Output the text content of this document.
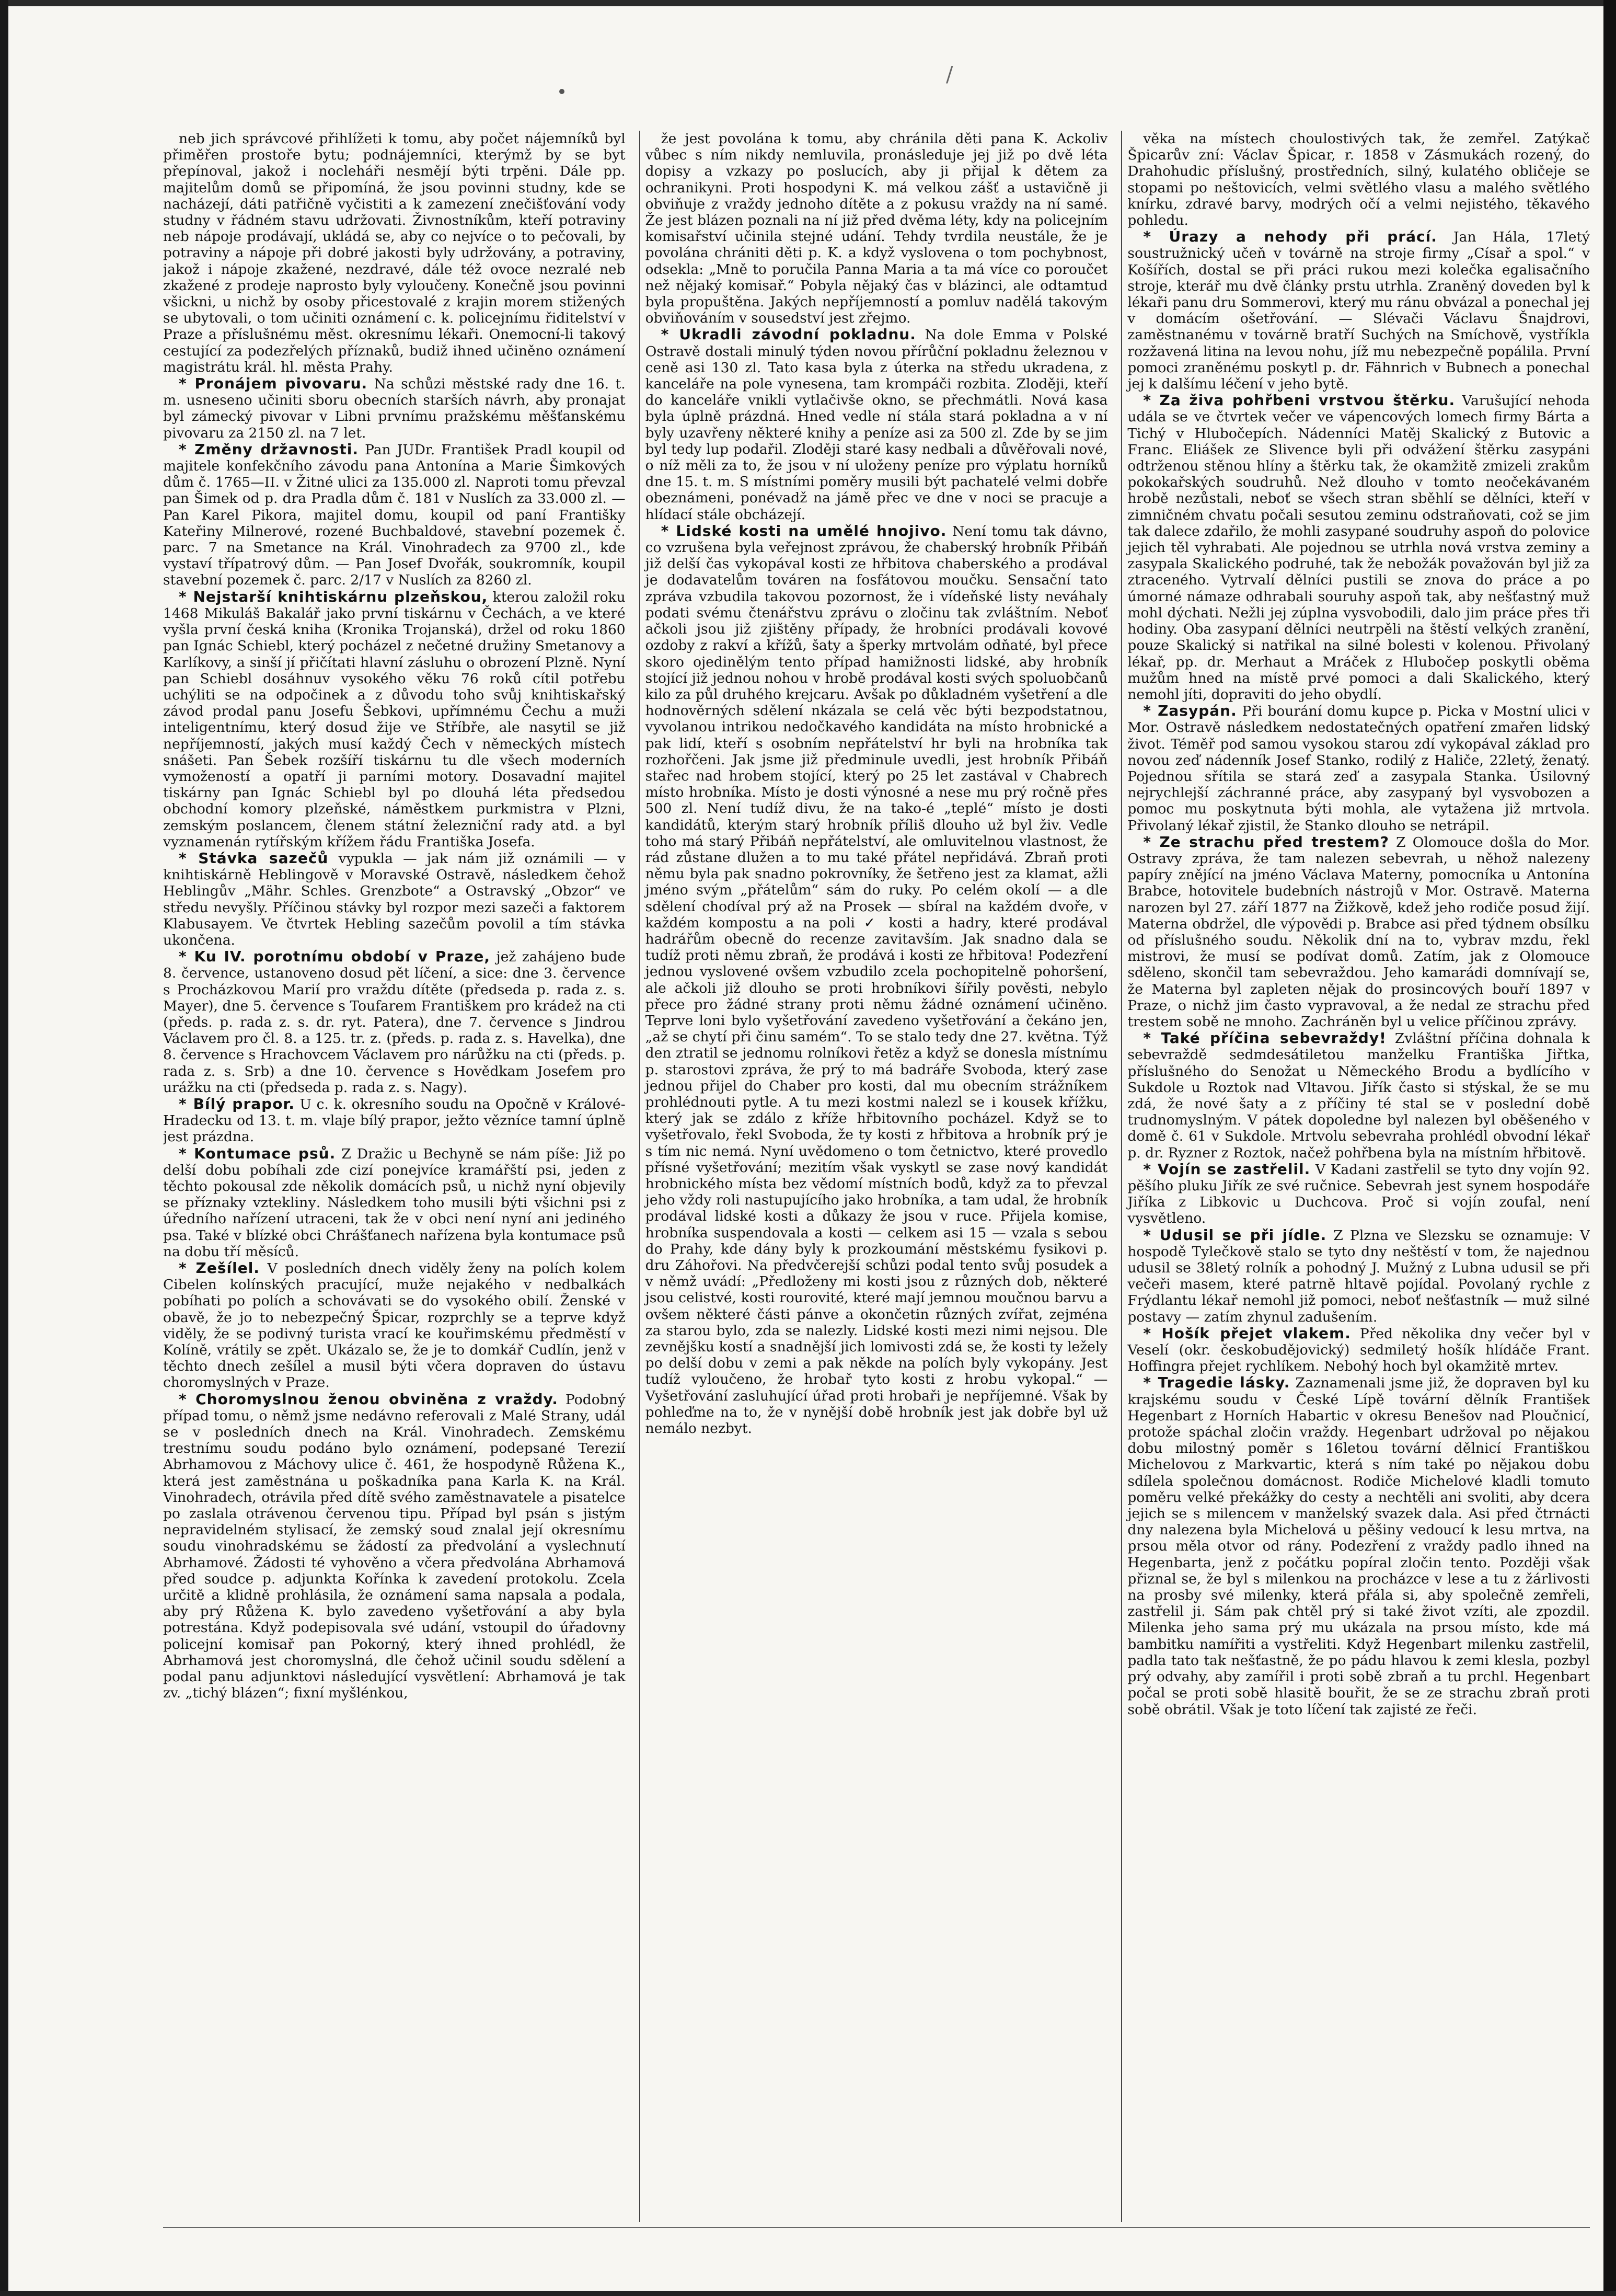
/

neb jich správcové přihlížeti k tomu, aby počet nájemníků byl přiměřen prostoře bytu; podnájemníci, kterýmž by se byt přepínoval, jakož i nocleháři nesmějí býti trpěni. Dále pp. majitelům domů se připomíná, že jsou povinni studny, kde se nacházejí, dáti patřičně vyčistiti a k zamezení znečišťování vody studny v řádném stavu udržovati. Živnostníkům, kteří potraviny neb nápoje prodávají, ukládá se, aby co nejvíce o to pečovali, by potraviny a nápoje při dobré jakosti byly udržovány, a potraviny, jakož i nápoje zkažené, nezdravé, dále též ovoce nezralé neb zkažené z prodeje naprosto byly vyloučeny. Konečně jsou povinni všickni, u nichž by osoby přicestovalé z krajin morem stižených se ubytovali, o tom učiniti oznámení c. k. policejnímu řiditelství v Praze a příslušnému měst. okresnímu lékaři. Onemocní-li takový cestující za podezřelých příznaků, budiž ihned učiněno oznámení magistrátu král. hl. města Prahy.

* Pronájem pivovaru. Na schůzi městské rady dne 16. t. m. usneseno učiniti sboru obecních starších návrh, aby pronajat byl zámecký pivovar v Libni prvnímu pražskému měšťanskému pivovaru za 2150 zl. na 7 let.

* Změny državnosti. Pan JUDr. František Pradl koupil od majitele konfekčního závodu pana Antonína a Marie Šimkových dům č. 1765—II. v Žitné ulici za 135.000 zl. Naproti tomu převzal pan Šimek od p. dra Pradla dům č. 181 v Nuslích za 33.000 zl. — Pan Karel Pikora, majitel domu, koupil od paní Františky Kateřiny Milnerové, rozené Buchbaldové, stavební pozemek č. parc. 7 na Smetance na Král. Vinohradech za 9700 zl., kde vystaví třípatrový dům. — Pan Josef Dvořák, soukromník, koupil stavební pozemek č. parc. 2/17 v Nuslích za 8260 zl.

* Nejstarší knihtiskárnu plzeňskou, kterou založil roku 1468 Mikuláš Bakalář jako první tiskárnu v Čechách, a ve které vyšla první česká kniha (Kronika Trojanská), držel od roku 1860 pan Ignác Schiebl, který pocházel z nečetné družiny Smetanovy a Karlíkovy, a sinší jí přičítati hlavní zásluhu o obrození Plzně. Nyní pan Schiebl dosáhnuv vysokého věku 76 roků cítil potřebu uchýliti se na odpočinek a z důvodu toho svůj knihtiskařský závod prodal panu Josefu Šebkovi, upřímnému Čechu a muži inteligentnímu, který dosud žije ve Stříbře, ale nasytil se již nepříjemností, jakých musí každý Čech v německých místech snášeti. Pan Šebek rozšíří tiskárnu tu dle všech moderních vymožeností a opatří ji parními motory. Dosavadní majitel tiskárny pan Ignác Schiebl byl po dlouhá léta předsedou obchodní komory plzeňské, náměstkem purkmistra v Plzni, zemským poslancem, členem státní železniční rady atd. a byl vyznamenán rytířským křížem řádu Františka Josefa.

* Stávka sazečů vypukla — jak nám již oznámili — v knihtiskárně Heblingově v Moravské Ostravě, následkem čehož Heblingův „Mähr. Schles. Grenzbote“ a Ostravský „Obzor“ ve středu nevyšly. Příčinou stávky byl rozpor mezi sazeči a faktorem Klabusayem. Ve čtvrtek Hebling sazečům povolil a tím stávka ukončena.

* Ku IV. porotnímu období v Praze, jež zahájeno bude 8. července, ustanoveno dosud pět líčení, a sice: dne 3. července s Procházkovou Marií pro vraždu dítěte (předseda p. rada z. s. Mayer), dne 5. července s Toufarem Františkem pro krádež na cti (předs. p. rada z. s. dr. ryt. Patera), dne 7. července s Jindrou Václavem pro čl. 8. a 125. tr. z. (předs. p. rada z. s. Havelka), dne 8. července s Hrachovcem Václavem pro nárůžku na cti (předs. p. rada z. s. Srb) a dne 10. července s Hovědkam Josefem pro urážku na cti (předseda p. rada z. s. Nagy).

* Bílý prapor. U c. k. okresního soudu na Opočně v Králové-Hradecku od 13. t. m. vlaje bílý prapor, ježto vězníce tamní úplně jest prázdna.

* Kontumace psů. Z Dražic u Bechyně se nám píše: Již po delší dobu pobíhali zde cizí ponejvíce kramářští psi, jeden z těchto pokousal zde několik domácích psů, u nichž nyní objevily se příznaky vzteklinу. Následkem toho musili býti všichni psi z úředního nařízení utraceni, tak že v obci není nyní ani jediného psa. Také v blízké obci Chrášťanech nařízena byla kontumace psů na dobu tří měsíců.

* Zešílel. V posledních dnech viděly ženy na polích kolem Cibelen kolínských pracující, muže nejakého v nedbalkách pobíhati po polích a schovávati se do vysokého obilí. Ženské v obavě, že jo to nebezpečný Špicar, rozprchly se a teprve když viděly, že se podivný turista vrací ke kouřimskému předměstí v Kolíně, vrátily se zpět. Ukázalo se, že je to domkář Cudlín, jenž v těchto dnech zešílel a musil býti včera dopraven do ústavu choromyslných v Praze.

* Choromyslnou ženou obviněna z vraždy. Podobný případ tomu, o němž jsme nedávno referovali z Malé Strany, udál se v posledních dnech na Král. Vinohradech. Zemskému trestnímu soudu podáno bylo oznámení, podepsané Terezií Abrhamovou z Máchovy ulice č. 461, že hospodyně Růžena K., která jest zaměstnána u poškadníka pana Karla K. na Král. Vinohradech, otrávila před dítě svého zaměstnavatele a pisatelce po zaslala otrávenou červenou tipu. Případ byl psán s jistým nepravidelném stylisací, že zemský soud znalal její okresnímu soudu vinohradskému se žádostí za předvolání a vyslechnutí Abrhamové. Žádosti té vyhověno a včera předvolána Abrhamová před soudce p. adjunkta Kořínka k zavedení protokolu. Zcela určitě a klidně prohlásila, že oznámení sama napsala a podala, aby prý Růžena K. bylo zavedeno vyšetřování a aby byla potrestána. Když podepisovala své udání, vstoupil do úřadovny policejní komisař pan Pokorný, který ihned prohlédl, že Abrhamová jest choromyslná, dle čehož učinil soudu sdělení a podal panu adjunktovi následující vysvětlení: Abrhamová je tak zv. „tichý blázen“; fixní myšlénkou,

že jest povolána k tomu, aby chránila děti pana K. Ackoliv vůbec s ním nikdy nemluvila, pronásleduje jej již po dvě léta dopisy a vzkazy po poslucích, aby ji přijal k dětem za ochranikyni. Proti hospodyni K. má velkou zášť a ustavičně ji obviňuje z vraždy jednoho dítěte a z pokusu vraždy na ní samé. Že jest blázen poznali na ní již před dvěma léty, kdy na policejním komisařství učinila stejné udání. Tehdy tvrdila neustále, že je povolána chrániti děti p. K. a když vyslovena o tom pochybnost, odsekla: „Mně to poručila Panna Maria a ta má více co poroučet než nějaký komisař.“ Pobyla nějaký čas v blázinci, ale odtamtud byla propuštěna. Jakých nepříjemností a pomluv nadělá takovým obviňováním v sousedství jest zřejmo.

* Ukradli závodní pokladnu. Na dole Emma v Polské Ostravě dostali minulý týden novou přírůční pokladnu železnou v ceně asi 130 zl. Tato kasa byla z úterka na středu ukradena, z kanceláře na pole vynesena, tam krompáči rozbita. Zloději, kteří do kanceláře vnikli vytlačivše okno, se přechmátli. Nová kasa byla úplně prázdná. Hned vedle ní stála stará pokladna a v ní byly uzavřeny některé knihy a peníze asi za 500 zl. Zde by se jim byl tedy lup podařil. Zloději staré kasy nedbali a důvěřovali nové, o níž měli za to, že jsou v ní uloženy peníze pro výplatu horníků dne 15. t. m. S místními poměry musili být pachatelé velmi dobře obeznámeni, ponévadž na jámě přec ve dne v noci se pracuje a hlídací stále obcházejí.

* Lidské kosti na umělé hnojivo. Není tomu tak dávno, co vzrušena byla veřejnost zprávou, že chaberský hrobník Přibáň již delší čas vykopával kosti ze hřbitova chaberského a prodával je dodavatelům továren na fosfátovou moučku. Sensační tato zpráva vzbudila takovou pozornost, že i vídeňské listy neváhaly podati svému čtenářstvu zprávu o zločinu tak zvláštním. Neboť ačkoli jsou již zjištěny případy, že hrobníci prodávali kovové ozdoby z rakví a křížů, šaty a šperky mrtvolám odňaté, byl přece skoro ojedinělým tento případ hamižnosti lidské, aby hrobník stojící již jednou nohou v hrobě prodával kosti svých spoluobčanů kilo za půl druhého krejcaru. Avšak po důkladném vyšetření a dle hodnověrných sdělení nkázala se celá věc býti bezpodstatnou, vyvolanou intrikou nedočkavého kandidáta na místo hrobnické a pak lidí, kteří s osobním nepřátelství hr byli na hrobníka tak rozhořčeni. Jak jsme již předminule uvedli, jest hrobník Přibáň stařec nad hrobem stojící, který po 25 let zastával v Chabrech místo hrobníka. Místo je dosti výnosné a nese mu prý ročně přes 500 zl. Není tudíž divu, že na tako-é „teplé“ místo je dosti kandidátů, kterým starý hrobník příliš dlouho už byl živ. Vedle toho má starý Přibáň nepřátelství, ale omluvitelnou vlastnost, že rád zůstane dlužen a to mu také přátel nepřidává. Zbraň proti němu byla pak snadno pokrovníky, že šetřeno jest za klamat, ažli jméno svým „přátelům“ sám do ruky. Po celém okolí — a dle sdělení chodíval prý až na Prosek — sbíral na každém dvoře, v každém kompostu a na poli ✓ kosti a hadry, které prodával hadrářům obecně do recenze zavitavším. Jak snadno dala se tudíž proti němu zbraň, že prodává i kosti ze hřbitova! Podezření jednou vyslovené ovšem vzbudilo zcela pochopitelně pohoršení, ale ačkoli již dlouho se proti hrobníkovi šířily pověsti, nebylo přece pro žádné strany proti němu žádné oznámení učiněno. Teprve loni bylo vyšetřování zavedeno vyšetřování a čekáno jen, „až se chytí při činu samém“. To se stalo tedy dne 27. května. Týž den ztratil se jednomu rolníkovi řetěz a když se donesla místnímu p. starostovi zpráva, že prý to má badráře Svoboda, který zase jednou přijel do Chaber pro kosti, dal mu obecním strážníkem prohlédnouti pytle. A tu mezi kostmi nalezl se i kousek křížku, který jak se zdálo z kříže hřbitovního pocházel. Když se to vyšetřovalo, řekl Svoboda, že ty kosti z hřbitova a hrobník prý je s tím nic nemá. Nyní uvědomeno o tom četnictvo, které provedlo přísné vyšetřování; mezitím však vyskytl se zase nový kandidát hrobnického místa bez vědomí místních bodů, když za to převzal jeho vždy roli nastupujícího jako hrobníka, a tam udal, že hrobník prodával lidské kosti a důkazy že jsou v ruce. Přijela komise, hrobníka suspendovala a kosti — celkem asi 15 — vzala s sebou do Prahy, kde dány byly k prozkoumání městskému fysikovi p. dru Záhořovi. Na předvčerejší schůzi podal tento svůj posudek a v němž uvádí: „Předloženy mi kosti jsou z různých dob, některé jsou celistvé, kosti rourovité, které mají jemnou moučnou barvu a ovšem některé části pánve a okončetin různých zvířat, zejména za starou bylo, zda se nalezly. Lidské kosti mezi nimi nejsou. Dle zevnějšku kostí a snadnější jich lomivosti zdá se, že kosti ty ležely po delší dobu v zemi a pak někde na polích byly vykopány. Jest tudíž vyloučeno, že hrobař tyto kosti z hrobu vykopal.“ — Vyšetřování zasluhující úřad proti hrobaři je nepříjemné. Však by pohleďme na to, že v nynější době hrobník jest jak dobře byl už nemálo nezbyt.

věka na místech choulostivých tak, že zemřel. Zatýkač Špicarův zní: Václav Špicar, r. 1858 v Zásmukách rozený, do Drahohudic příslušný, prostředních, silný, kulatého obličeje se stopami po neštovicích, velmi světlého vlasu a malého světlého knírku, zdravé barvy, modrých očí a velmi nejistého, těkavého pohledu.

* Úrazy a nehody při prácí. Jan Hála, 17letý soustružnický učeň v továrně na stroje firmy „Císař a spol.“ v Košířích, dostal se při práci rukou mezi kolečka egalisačního stroje, kterář mu dvě články prstu utrhla. Zraněný doveden byl k lékaři panu dru Sommerovi, který mu ránu obvázal a ponechal jej v domácím ošetřování. — Slévači Václavu Šnajdrovi, zaměstnanému v továrně bratří Suchých na Smíchově, vystříkla rozžavená litina na levou nohu, jíž mu nebezpečně popálila. První pomoci zraněnému poskytl p. dr. Fähnrich v Bubnech a ponechal jej k dalšímu léčení v jeho bytě.

* Za živa pohřbeni vrstvou štěrku. Varušující nehoda udála se ve čtvrtek večer ve vápencových lomech firmy Bárta a Tichý v Hlubočepích. Nádenníci Matěj Skalický z Butovic a Franc. Eliášek ze Slivence byli při odvážení štěrku zasypáni odtrženou stěnou hlíny a štěrku tak, že okamžitě zmizeli zrakům pokokařských soudruhů. Než dlouho v tomto neočekávaném hrobě nezůstali, neboť se všech stran sběhlí se dělníci, kteří v zimničném chvatu počali sesutou zeminu odstraňovati, což se jim tak dalece zdařilo, že mohli zasypané soudruhy aspoň do polovice jejich těl vyhrabati. Ale pojednou se utrhla nová vrstva zeminy a zasypala Skalického podruhé, tak že nebožák považován byl již za ztraceného. Vytrvalí dělníci pustili se znova do práce a po úmorné námaze odhrabali souruhy aspoň tak, aby nešťastný muž mohl dýchati. Nežli jej zúplna vysvobodili, dalo jim práce přes tři hodiny. Oba zasypaní dělníci neutrpěli na štěstí velkých zranění, pouze Skalický si natřikal na silné bolesti v kolenou. Přivolaný lékař, pp. dr. Merhaut a Mráček z Hlubočep poskytli oběma mužům hned na místě prvé pomoci a dali Skalického, který nemohl jíti, dopraviti do jeho obydlí.

* Zasypán. Při bourání domu kupce p. Picka v Mostní ulici v Mor. Ostravě následkem nedostatečných opatření zmařen lidský život. Téměř pod samou vysokou starou zdí vykopával základ pro novou zeď nádenník Josef Stanko, rodilý z Haliče, 22letý, ženatý. Pojednou sřítila se stará zeď a zasypala Stanka. Úsilovný nejrychlejší záchranné práce, aby zasypaný byl vysvobozen a pomoc mu poskytnuta býti mohla, ale vytažena již mrtvola. Přivolaný lékař zjistil, že Stanko dlouho se netrápil.

* Ze strachu před trestem? Z Olomouce došla do Mor. Ostravy zpráva, že tam nalezen sebevrah, u něhož nalezeny papíry znějící na jméno Václava Materny, pomocníka u Antonína Brabce, hotovitele budebních nástrojů v Mor. Ostravě. Materna narozen byl 27. září 1877 na Žižkově, kdež jeho rodiče posud žijí. Materna obdržel, dle výpovědi p. Brabce asi před týdnem obsílku od příslušného soudu. Několik dní na to, vybrav mzdu, řekl mistrovi, že musí se podívat domů. Zatím, jak z Olomouce sděleno, skončil tam sebevraždou. Jeho kamarádi domnívají se, že Materna byl zapleten nějak do prosincových bouří 1897 v Praze, o nichž jim často vypravoval, a že nedal ze strachu před trestem sobě ne mnoho. Zachráněn byl u velice příčinou zprávy.

* Také příčina sebevraždy! Zvláštní příčina dohnala k sebevraždě sedmdesátiletou manželku Františka Jiřtka, příslušného do Senožat u Německého Brodu a bydlícího v Sukdole u Roztok nad Vltavou. Jiřík často si stýskal, že se mu zdá, že nové šaty a z příčiny té stal se v poslední době trudnomyslným. V pátek dopoledne byl nalezen byl oběšeného v domě č. 61 v Sukdole. Mrtvolu sebevraha prohlédl obvodní lékař p. dr. Ryzner z Roztok, načež pohřbena byla na místním hřbitově.

* Vojín se zastřelil. V Kadani zastřelil se tyto dny vojín 92. pěšího pluku Jiřík ze své ručnice. Sebevrah jest synem hospodáře Jiříka z Libkovic u Duchcova. Proč si vojín zoufal, není vysvětleno.

* Udusil se při jídle. Z Plzna ve Slezsku se oznamuje: V hospodě Tylečkově stalo se tyto dny neštěstí v tom, že najednou udusil se 38letý rolník a pohodný J. Mužný z Lubna udusil se při večeři masem, které patrně hltavě pojídal. Povolaný rychle z Frýdlantu lékař nemohl již pomoci, neboť nešťastník — muž silné postavy — zatím zhynul zadušením.

* Hošík přejet vlakem. Před několika dny večer byl v Veselí (okr. českobudějovický) sedmiletý hošík hlídáče Frant. Hoffingra přejet rychlíkem. Nebohý hoch byl okamžitě mrtev.

* Tragedie lásky. Zaznamenali jsme již, že dopraven byl ku krajskému soudu v České Lípě tovární dělník František Hegenbart z Horních Habartic v okresu Benešov nad Ploučnicí, protože spáchal zločin vraždy. Hegenbart udržoval po nějakou dobu milostný poměr s 16letou tovární dělnicí Františkou Michelovou z Markvartic, která s ním také po nějakou dobu sdílela společnou domácnost. Rodiče Michelové kladli tomuto poměru velké překážky do cesty a nechtěli ani svoliti, aby dcera jejich se s milencem v manželský svazek dala. Asi před čtrnácti dny nalezena byla Michelová u pěšiny vedoucí k lesu mrtva, na prsou měla otvor od rány. Podezření z vraždy padlo ihned na Hegenbarta, jenž z počátku popíral zločin tento. Později však přiznal se, že byl s milenkou na procházce v lese a tu z žárlivosti na prosby své milenky, která přála si, aby společně zemřeli, zastřelil ji. Sám pak chtěl prý si také život vzíti, ale zpozdil. Milenka jeho sama prý mu ukázala na prsou místo, kde má bambitku namířiti a vystřeliti. Když Hegenbart milenku zastřelil, padla tato tak nešťastně, že po pádu hlavou k zemi klesla, pozbyl prý odvahy, aby zamířil i proti sobě zbraň a tu prchl. Hegenbart počal se proti sobě hlasitě bouřit, že se ze strachu zbraň proti sobě obrátil. Však je toto líčení tak zajisté ze řeči.
